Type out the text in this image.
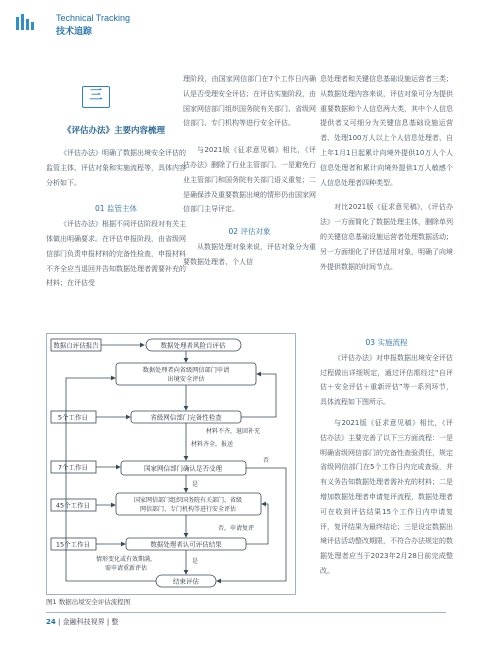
Technical Tracking
技术追踪
三
《评估办法》主要内容梳理

《评估办法》明确了数据出境安全评估的监管主体、评估对象和实施流程等，具体内容分析如下。

01 监管主体

《评估办法》根据不同评估阶段对有关主体做出明确要求。在评估申报阶段，由省级网信部门负责申报材料的完备性检查，申报材料不齐全应当退回并告知数据处理者需要补充的材料；在评估受

理阶段，由国家网信部门在7个工作日内确认是否受理安全评估；在评估实施阶段，由国家网信部门组织国务院有关部门、省级网信部门、专门机构等进行安全评估。

与2021版《征求意见稿》相比，《评估办法》删除了行业主管部门。一是避免行业主管部门和国务院有关部门语义重复；二是确保涉及重要数据出境的情形仍由国家网信部门主导评定。

02 评估对象

从数据处理对象来说，评估对象分为重要数据处理者、个人信

息处理者和关键信息基础设施运营者三类；从数据处理内容来说，评估对象可分为提供重要数据和个人信息两大类，其中个人信息提供者又可细分为关键信息基础设施运营者、处理100万人以上个人信息处理者、自上年1月1日起累计向境外提供10万人个人信息处理者和累计向境外提供1万人敏感个人信息处理者四种类型。

对比2021版《征求意见稿》，《评估办法》一方面简化了数据处理主体，删除单列的关键信息基础设施运营者处理数据活动；另一方面细化了评估适用对象，明确了向境外提供数据的时间节点。

03 实施流程

《评估办法》对申报数据出境安全评估过程做出详细规定，通过评估需经过“自评估＋安全评估＋重新评估”等一系列环节，具体流程如下图所示。

与2021版《征求意见稿》相比，《评估办法》主要完善了以下三方面流程：一是明确省级网信部门的完备性查验责任，规定省级网信部门在5个工作日内完成查验，并有义务告知数据处理者需补充的材料；二是增加数据处理者申请复评流程，数据处理者可在收到评估结果15个工作日内申请复评，复评结果为最终结论；三是设定数据出境评估活动整改期限，不符合办法规定的数据处理者应当于2023年2月28日前完成整改。

数据自评估报告	数据处理者风险自评估
数据处理者向省级网信部门申请
出境安全评估
5个工作日	省级网信部门完备性检查
材料不齐，退回补充
材料齐全，报送
7个工作日	国家网信部门确认是否受理
否
是
45个工作日
国家网信部门组织国务院有关部门、省级
网信部门、专门机构等进行安全评估
否，申请复评
15个工作日	数据处理者认可评估结果
情形变化或有效期满，
需申请重新评估
是
结束评估
图1 数据出境安全评估流程图
24 | 金融科技视界 | 整
